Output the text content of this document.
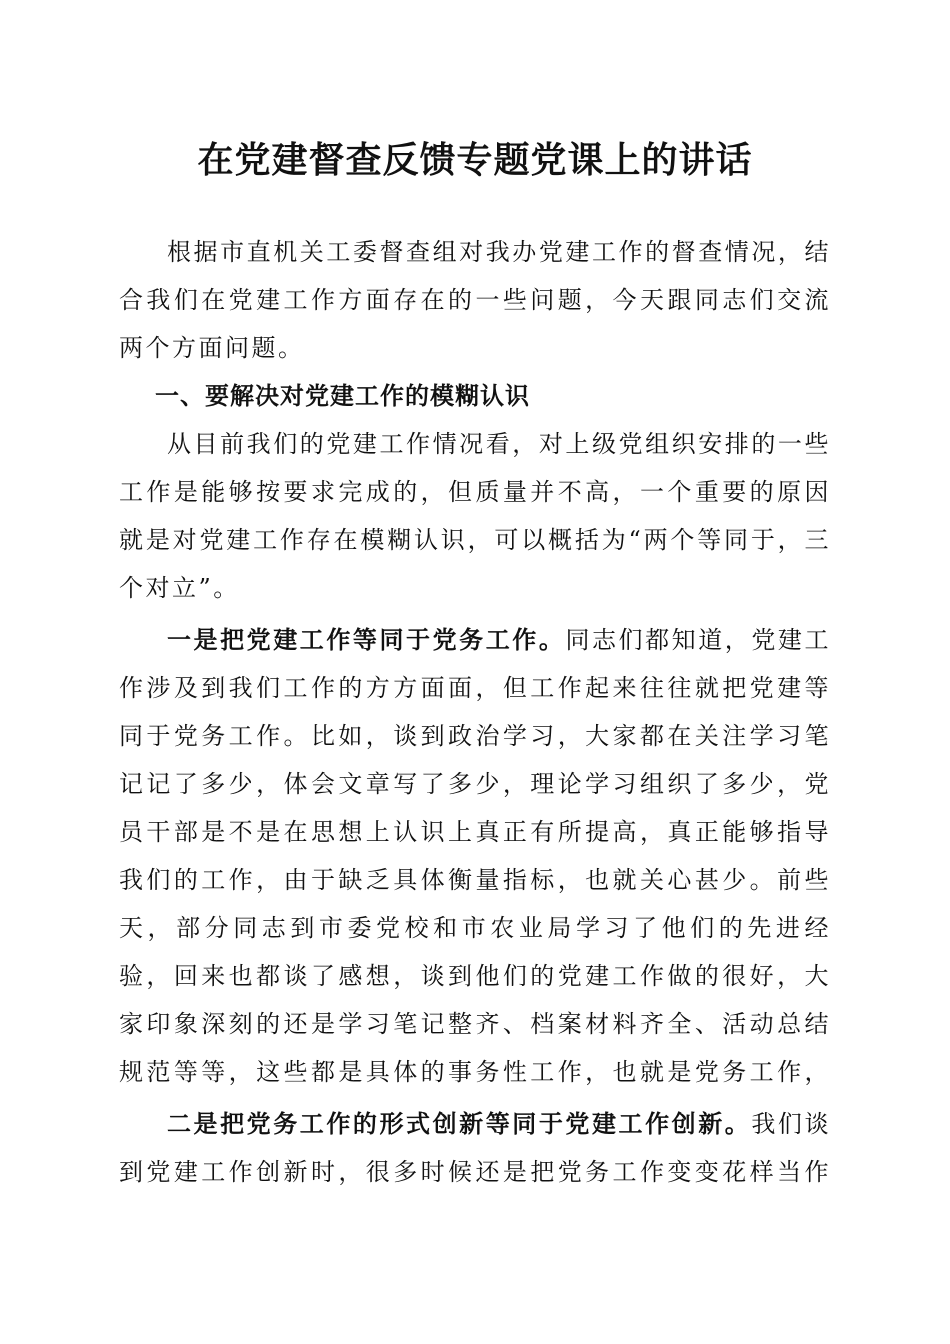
在党建督查反馈专题党课上的讲话

根据市直机关工委督查组对我办党建工作的督查情况，结合我们在党建工作方面存在的一些问题，今天跟同志们交流两个方面问题。

一、要解决对党建工作的模糊认识

从目前我们的党建工作情况看，对上级党组织安排的一些工作是能够按要求完成的，但质量并不高，一个重要的原因就是对党建工作存在模糊认识，可以概括为“两个等同于，三个对立”。

一是把党建工作等同于党务工作。同志们都知道，党建工作涉及到我们工作的方方面面，但工作起来往往就把党建等同于党务工作。比如，谈到政治学习，大家都在关注学习笔记记了多少，体会文章写了多少，理论学习组织了多少，党员干部是不是在思想上认识上真正有所提高，真正能够指导我们的工作，由于缺乏具体衡量指标，也就关心甚少。前些天，部分同志到市委党校和市农业局学习了他们的先进经验，回来也都谈了感想，谈到他们的党建工作做的很好，大家印象深刻的还是学习笔记整齐、档案材料齐全、活动总结规范等等，这些都是具体的事务性工作，也就是党务工作，

二是把党务工作的形式创新等同于党建工作创新。我们谈到党建工作创新时，很多时候还是把党务工作变变花样当作
